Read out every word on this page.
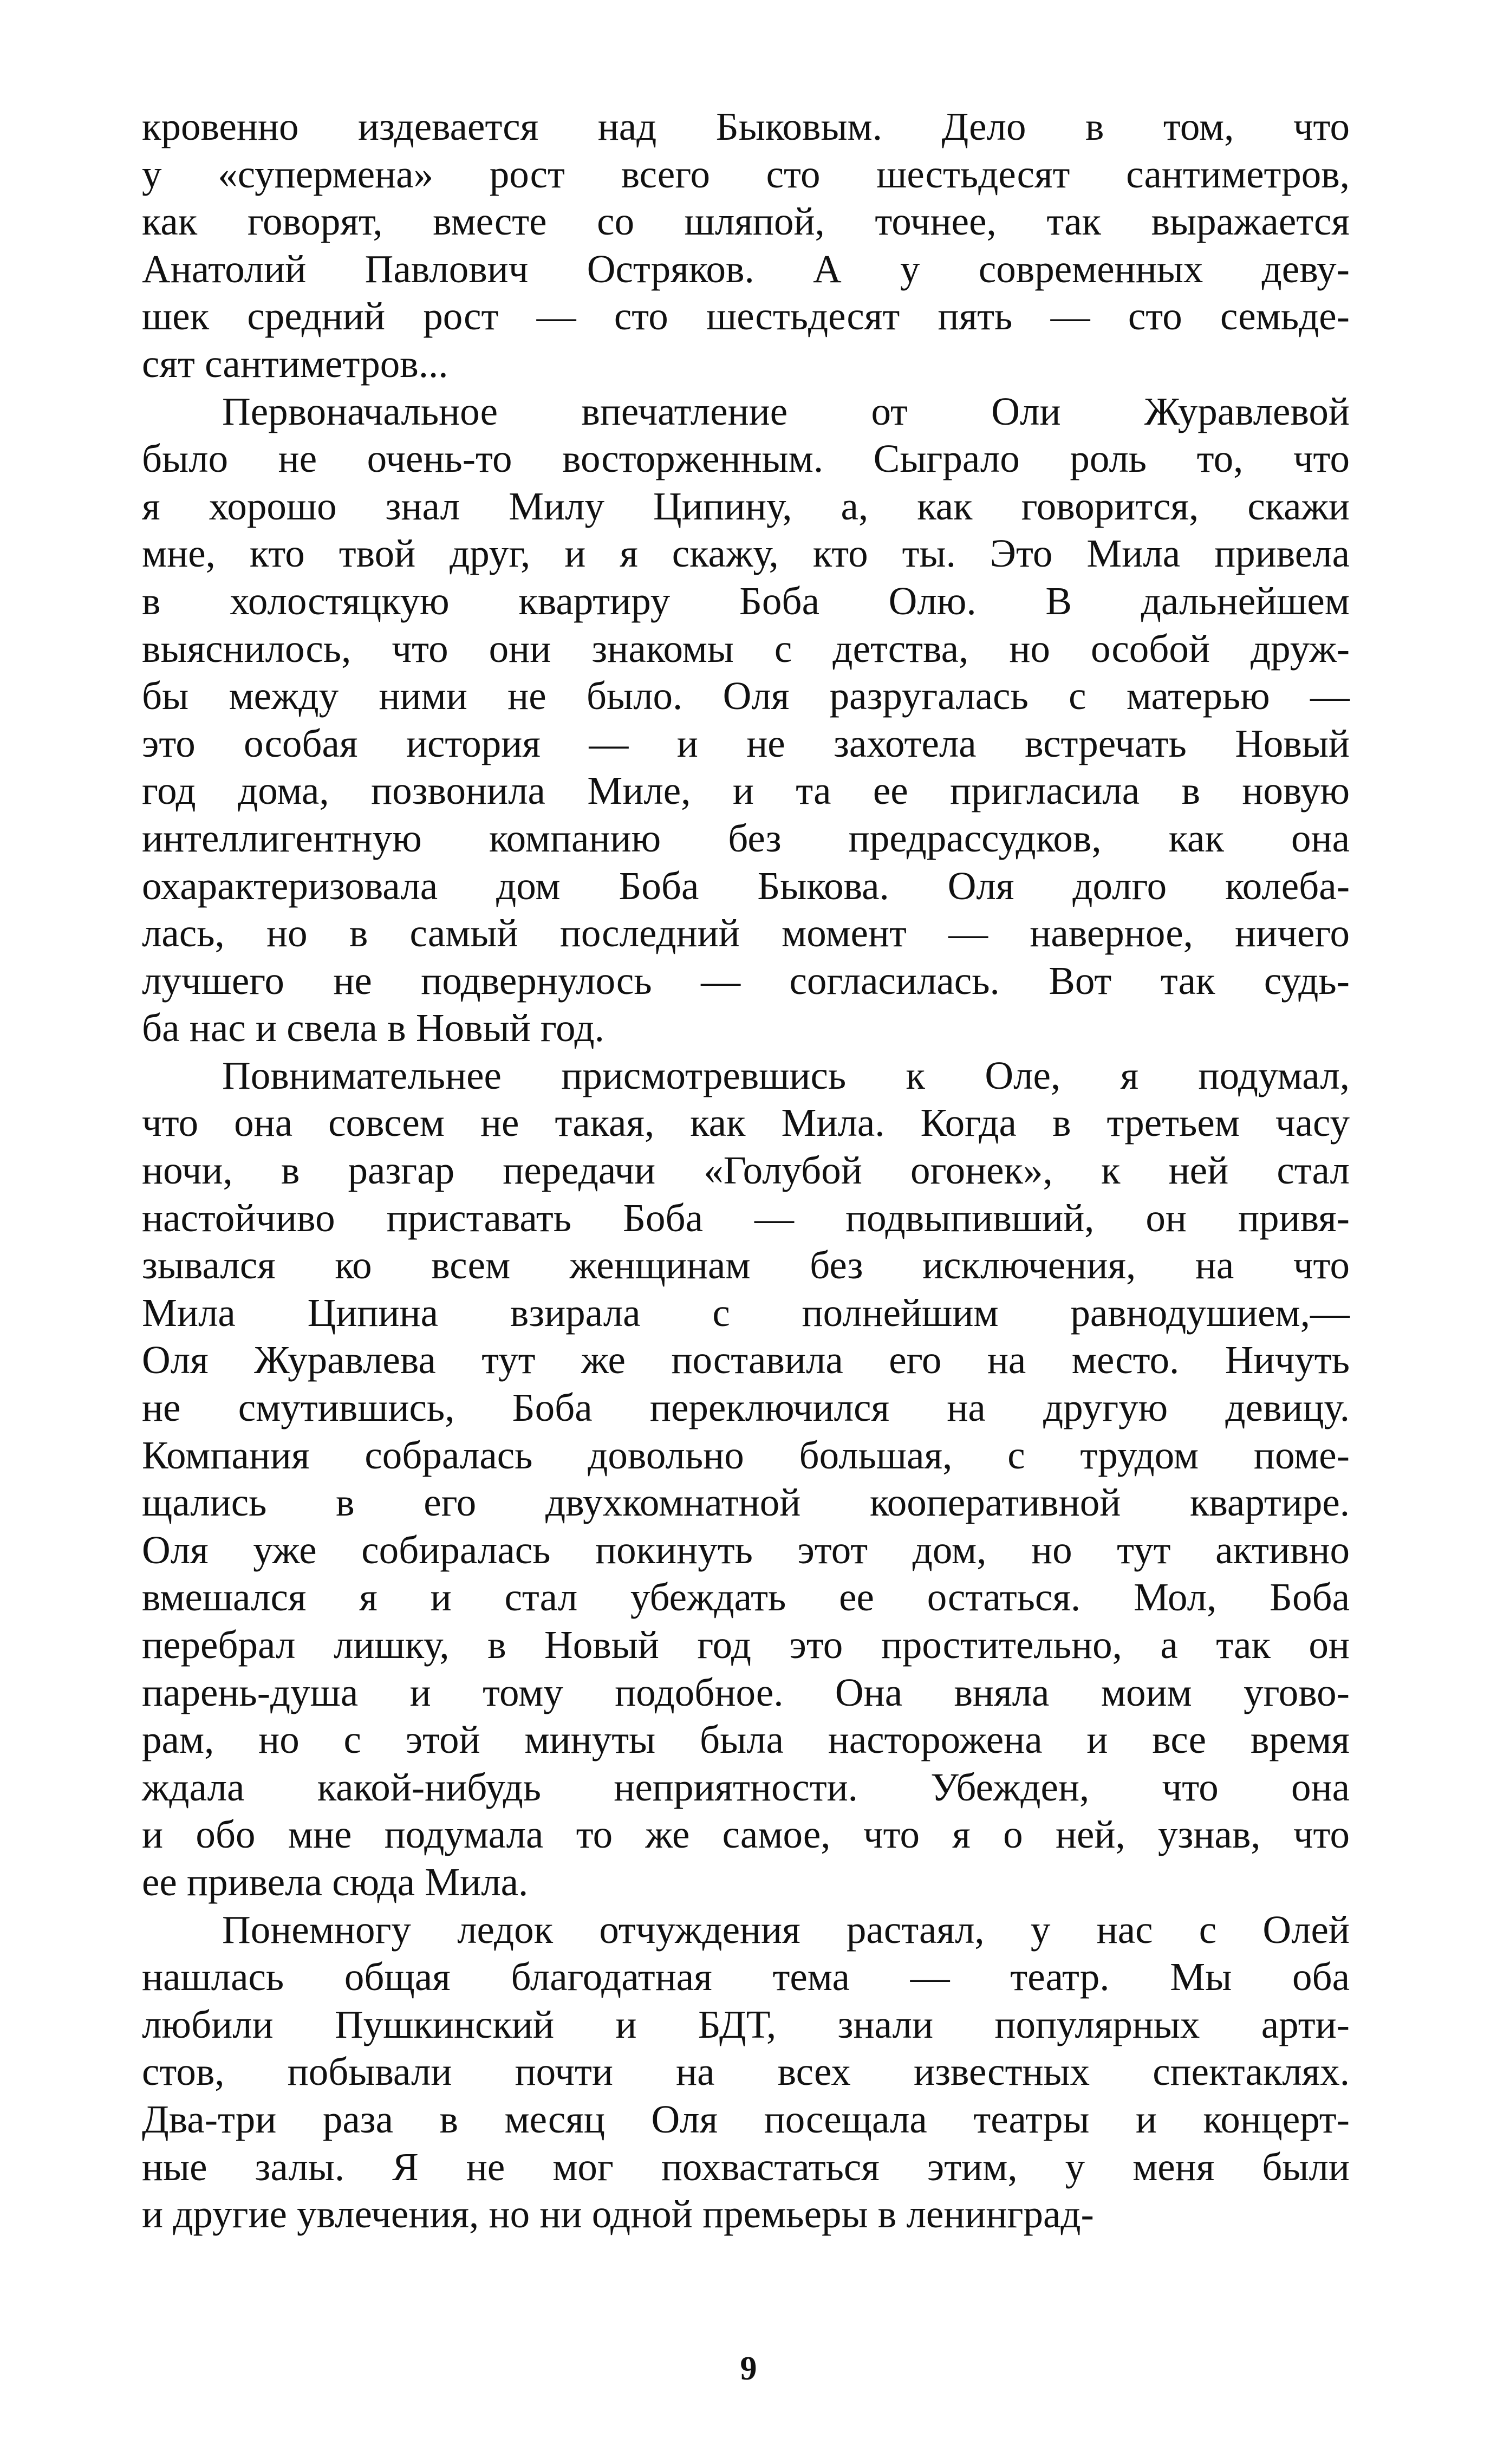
кровенно издевается над Быковым. Дело в том, что
у «супермена» рост всего сто шестьдесят сантиметров,
как говорят, вместе со шляпой, точнее, так выражается
Анатолий Павлович Остряков. А у современных деву-
шек средний рост — сто шестьдесят пять — сто семьде-
сят сантиметров...
Первоначальное впечатление от Оли Журавлевой
было не очень-то восторженным. Сыграло роль то, что
я хорошо знал Милу Ципину, а, как говорится, скажи
мне, кто твой друг, и я скажу, кто ты. Это Мила привела
в холостяцкую квартиру Боба Олю. В дальнейшем
выяснилось, что они знакомы с детства, но особой друж-
бы между ними не было. Оля разругалась с матерью —
это особая история — и не захотела встречать Новый
год дома, позвонила Миле, и та ее пригласила в новую
интеллигентную компанию без предрассудков, как она
охарактеризовала дом Боба Быкова. Оля долго колеба-
лась, но в самый последний момент — наверное, ничего
лучшего не подвернулось — согласилась. Вот так судь-
ба нас и свела в Новый год.
Повнимательнее присмотревшись к Оле, я подумал,
что она совсем не такая, как Мила. Когда в третьем часу
ночи, в разгар передачи «Голубой огонек», к ней стал
настойчиво приставать Боба — подвыпивший, он привя-
зывался ко всем женщинам без исключения, на что
Мила Ципина взирала с полнейшим равнодушием,—
Оля Журавлева тут же поставила его на место. Ничуть
не смутившись, Боба переключился на другую девицу.
Компания собралась довольно большая, с трудом поме-
щались в его двухкомнатной кооперативной квартире.
Оля уже собиралась покинуть этот дом, но тут активно
вмешался я и стал убеждать ее остаться. Мол, Боба
перебрал лишку, в Новый год это простительно, а так он
парень-душа и тому подобное. Она вняла моим угово-
рам, но с этой минуты была настороженa и все время
ждала какой-нибудь неприятности. Убежден, что она
и обо мне подумала то же самое, что я о ней, узнав, что
ее привела сюда Мила.
Понемногу ледок отчуждения растаял, у нас с Олей
нашлась общая благодатная тема — театр. Мы оба
любили Пушкинский и БДТ, знали популярных арти-
стов, побывали почти на всех известных спектаклях.
Два-три раза в месяц Оля посещала театры и концерт-
ные залы. Я не мог похвастаться этим, у меня были
и другие увлечения, но ни одной премьеры в ленинград-
9
